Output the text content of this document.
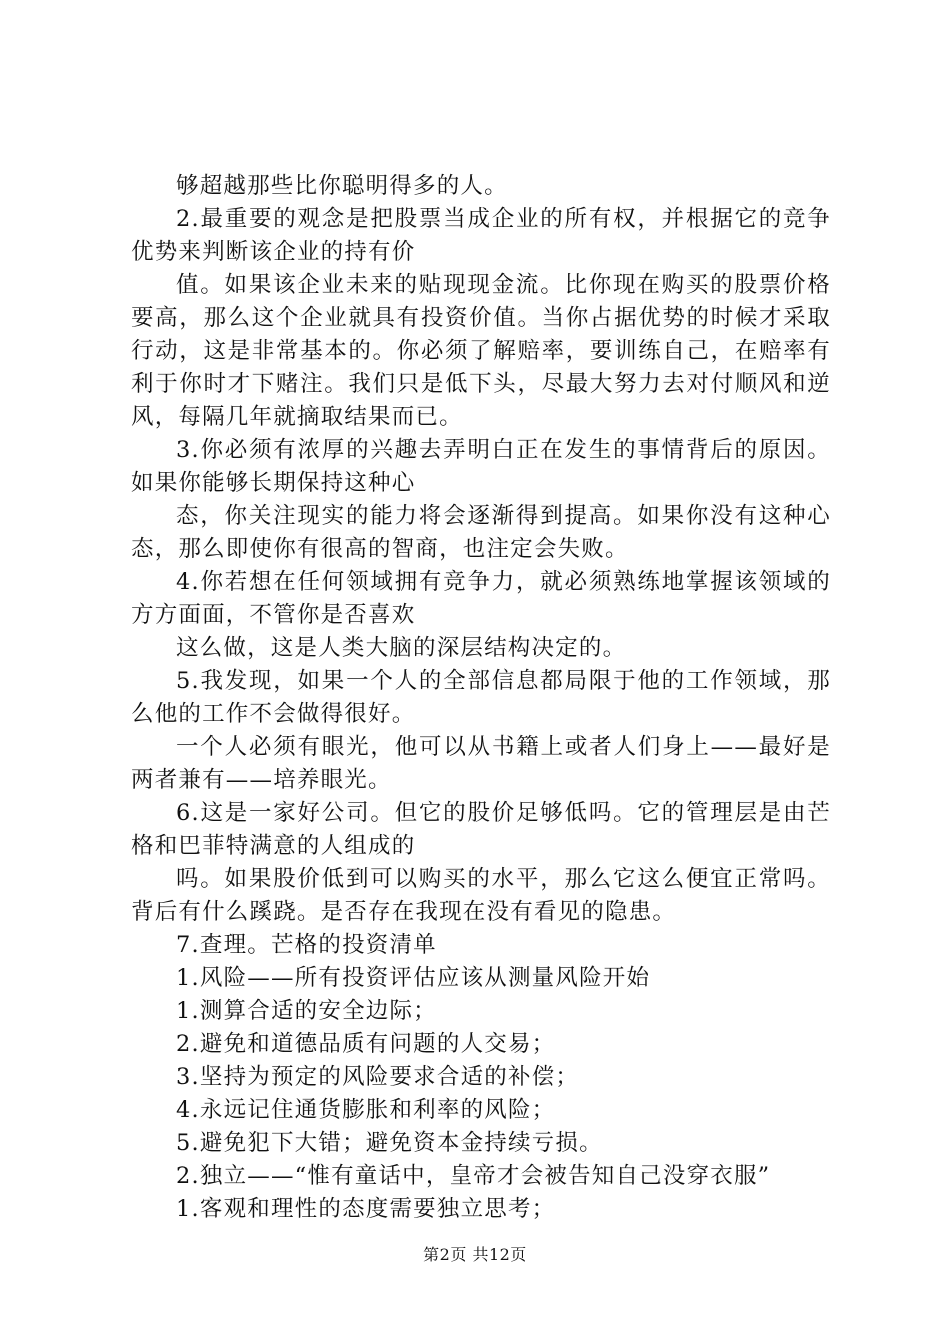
够超越那些比你聪明得多的人。

2.最重要的观念是把股票当成企业的所有权，并根据它的竞争优势来判断该企业的持有价

值。如果该企业未来的贴现现金流。比你现在购买的股票价格要高，那么这个企业就具有投资价值。当你占据优势的时候才采取行动，这是非常基本的。你必须了解赔率，要训练自己，在赔率有利于你时才下赌注。我们只是低下头，尽最大努力去对付顺风和逆风，每隔几年就摘取结果而已。

3.你必须有浓厚的兴趣去弄明白正在发生的事情背后的原因。如果你能够长期保持这种心

态，你关注现实的能力将会逐渐得到提高。如果你没有这种心态，那么即使你有很高的智商，也注定会失败。

4.你若想在任何领域拥有竞争力，就必须熟练地掌握该领域的方方面面，不管你是否喜欢

这么做，这是人类大脑的深层结构决定的。

5.我发现，如果一个人的全部信息都局限于他的工作领域，那么他的工作不会做得很好。

一个人必须有眼光，他可以从书籍上或者人们身上——最好是两者兼有——培养眼光。

6.这是一家好公司。但它的股价足够低吗。它的管理层是由芒格和巴菲特满意的人组成的

吗。如果股价低到可以购买的水平，那么它这么便宜正常吗。背后有什么蹊跷。是否存在我现在没有看见的隐患。

7.查理。芒格的投资清单

1.风险——所有投资评估应该从测量风险开始

1.测算合适的安全边际；

2.避免和道德品质有问题的人交易；

3.坚持为预定的风险要求合适的补偿；

4.永远记住通货膨胀和利率的风险；

5.避免犯下大错；避免资本金持续亏损。

2.独立——“惟有童话中，皇帝才会被告知自己没穿衣服”

1.客观和理性的态度需要独立思考；

第2页 共12页
